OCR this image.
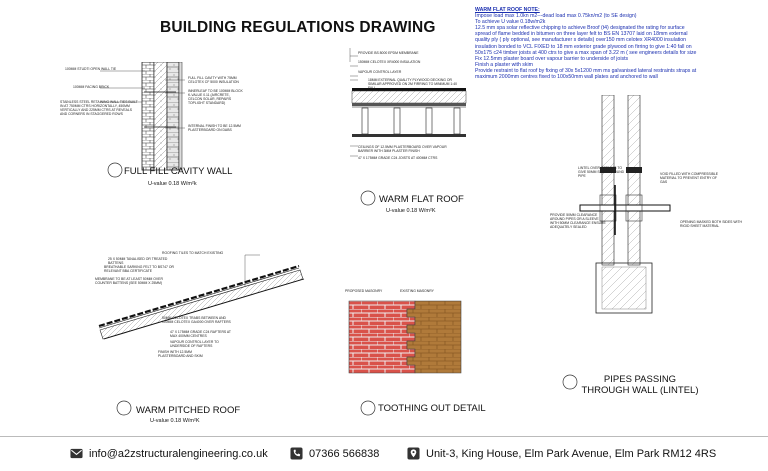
BUILDING REGULATIONS DRAWING
WARM FLAT ROOF NOTE:
Impose load max 1.0kn m2---dead load max 0.75kn/m2 (to SE design)
To achieve U value 0.18w/m2k
12.5 mm spa solar reflective chipping to achieve Broof (t4) designated the rating for surface
spread of flame bedded in bitumen on three layer felt to BS EN 13707 laid on 18mm external
quality ply ( ply optional, see manufacturer s details) over150 mm celotex XR4000 insulation
insulation bonded to VCL FIXED to 18 mm exterior grade plywood on firring to give 1:40 fall on
50x175 c24 timber joists at 400 ctrs to give a max span of 3.22 m ( see engineers details for size
Fix 12.5mm plaster board over vapour barrier to underside of joists
Finish a plaster with skim
Provide restraint to flat roof by fixing of 30x 5x1200 mm ms galvanised lateral restraints straps at
maximum 2000mm centres fixed to 100x50mm wall plates and anchored to wall
100MM STUDTI OPEN WALL TIE
100MM FACING BRICK
STAINLESS STEEL RETAINING WALL TIES BUILT IN AT 750MM CTRS HORIZONTALLY, 450MM VERTICALLY AND 225MM CTRS AT REVEALS AND CORNERS IN STAGGERED ROWS
FULL FILL CAVITY WITH 75MM CELOTEX CF 5000 INSULATION
INNERLEAF TO BE 100MM BLOCK K-VALUE 0.11 (AIRCRETE, CELCON SOLAR, REPAIRS TOPLIGHT STANDARD)
INTERNAL FINISH TO BE 12.5MM PLASTERBOARD ON DABS
FULL FILL CAVITY WALL
U-value 0.18 W/m²k
PROVIDE BS 8000 EPDM MEMBRANE
150MM CELOTEX XR4000 INSULATION
VAPOUR CONTROL LAYER
18MM EXTERNAL QUALITY PLYWOOD DECKING OR SIMILAR APPROVED ON 2M FIRRING TO MINIMUM 1:40 FALL
CEILINGS OF 12.5MM PLASTERBOARD OVER VAPOUR BARRIER WITH 3MM PLASTER FINISH
47 X 175MM GRADE C24 JOISTS AT 400MM CTRS
WARM FLAT ROOF
U-value 0.18 W/m²K
ROOFING TILES TO MATCH EXISTING
25 X 50MM TANALISED OR TREATED BATTENS
BREATHABLE SARKING FELT TO BS747 OR RELEVANT BBA CERTIFICATE
MEMBRANE TO BE AT LEAST 50MM OVER COUNTER BATTENS (SEE 50MM X 25MM)
50MM CELOTEX TRABS BETWEEN AND 100MM CELOTEX GA4000 OVER RAFTERS
47 X 175MM GRADE C24 RAFTERS AT MAX 400MM CENTRES
VAPOUR CONTROL LAYER TO UNDERSIDE OF RAFTERS
FINISH WITH 12.5MM PLASTERBOARD AND SKIM
WARM PITCHED ROOF
U-value 0.18 W/m²K
PROPOSED MASONRY	EXISTING MASONRY
TOOTHING OUT DETAIL
LINTEL OVER OPENING TO GIVE 50MM SPACE AROUND PIPE
VOID FILLED WITH COMPRESSIBLE MATERIAL TO PREVENT ENTRY OF GAS
PROVIDE 50MM CLEARANCE AROUND PIPES OR A SLEEVE WITH 50MM CLEARANCE ENSURE ADEQUATELY SEALED
OPENING MASKED BOTH SIDES WITH RIGID SHEET MATERIAL
PIPES PASSING THROUGH WALL (LINTEL)
info@a2zstructuralengineering.co.uk	07366 566838	Unit-3, King House, Elm Park Avenue, Elm Park RM12 4RS
